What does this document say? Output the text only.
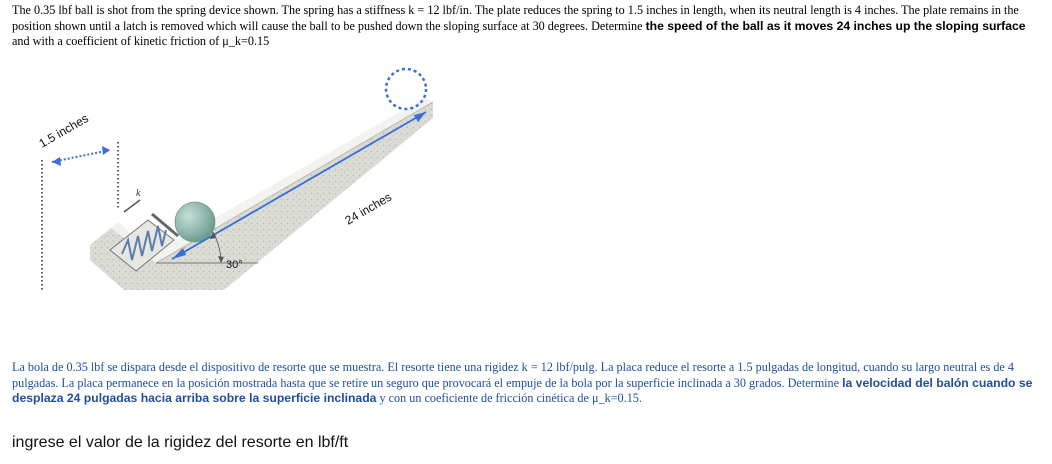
The 0.35 lbf ball is shot from the spring device shown. The spring has a stiffness k = 12 lbf/in. The plate reduces the spring to 1.5 inches in length, when its neutral length is 4 inches. The plate remains in the position shown until a latch is removed which will cause the ball to be pushed down the sloping surface at 30 degrees. Determine the speed of the ball as it moves 24 inches up the sloping surface and with a coefficient of kinetic friction of μ_k=0.15
k	24 inches
1.5 inches
30°
La bola de 0.35 lbf se dispara desde el dispositivo de resorte que se muestra. El resorte tiene una rigidez k = 12 lbf/pulg. La placa reduce el resorte a 1.5 pulgadas de longitud, cuando su largo neutral es de 4 pulgadas. La placa permanece en la posición mostrada hasta que se retire un seguro que provocará el empuje de la bola por la superficie inclinada a 30 grados. Determine la velocidad del balón cuando se desplaza 24 pulgadas hacia arriba sobre la superficie inclinada y con un coeficiente de fricción cinética de μ_k=0.15.
ingrese el valor de la rigidez del resorte en lbf/ft
